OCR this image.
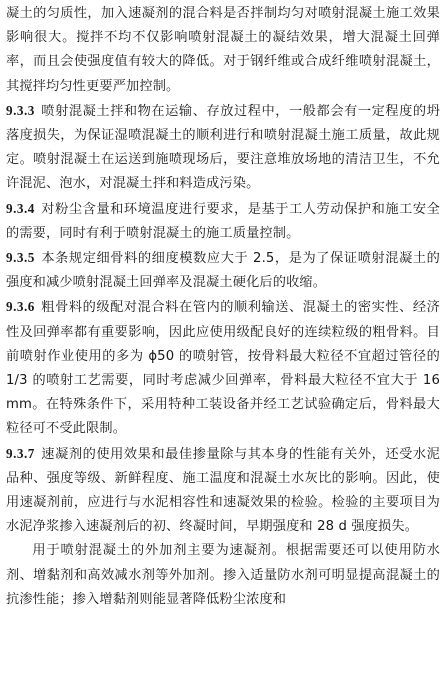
凝土的匀质性，加入速凝剂的混合料是否拌制均匀对喷射混凝土施工效果影响很大。搅拌不均不仅影响喷射混凝土的凝结效果，增大混凝土回弹率，而且会使强度值有较大的降低。对于钢纤维或合成纤维喷射混凝土，其搅拌均匀性更要严加控制。

9.3.3 喷射混凝土拌和物在运输、存放过程中，一般都会有一定程度的坍落度损失，为保证湿喷混凝土的顺利进行和喷射混凝土施工质量，故此规定。喷射混凝土在运送到施喷现场后，要注意堆放场地的清洁卫生，不允许混泥、泡水，对混凝土拌和料造成污染。

9.3.4 对粉尘含量和环境温度进行要求，是基于工人劳动保护和施工安全的需要，同时有利于喷射混凝土的施工质量控制。

9.3.5 本条规定细骨料的细度模数应大于 2.5，是为了保证喷射混凝土的强度和减少喷射混凝土回弹率及混凝土硬化后的收缩。

9.3.6 粗骨料的级配对混合料在管内的顺利输送、混凝土的密实性、经济性及回弹率都有重要影响，因此应使用级配良好的连续粒级的粗骨料。目前喷射作业使用的多为 ϕ50 的喷射管，按骨料最大粒径不宜超过管径的 1/3 的喷射工艺需要，同时考虑减少回弹率，骨料最大粒径不宜大于 16 mm。在特殊条件下，采用特种工装设备并经工艺试验确定后，骨料最大粒径可不受此限制。

9.3.7 速凝剂的使用效果和最佳掺量除与其本身的性能有关外，还受水泥品种、强度等级、新鲜程度、施工温度和混凝土水灰比的影响。因此，使用速凝剂前，应进行与水泥相容性和速凝效果的检验。检验的主要项目为水泥净浆掺入速凝剂后的初、终凝时间，早期强度和 28 d 强度损失。

用于喷射混凝土的外加剂主要为速凝剂。根据需要还可以使用防水剂、增黏剂和高效减水剂等外加剂。掺入适量防水剂可明显提高混凝土的抗渗性能；掺入增黏剂则能显著降低粉尘浓度和
